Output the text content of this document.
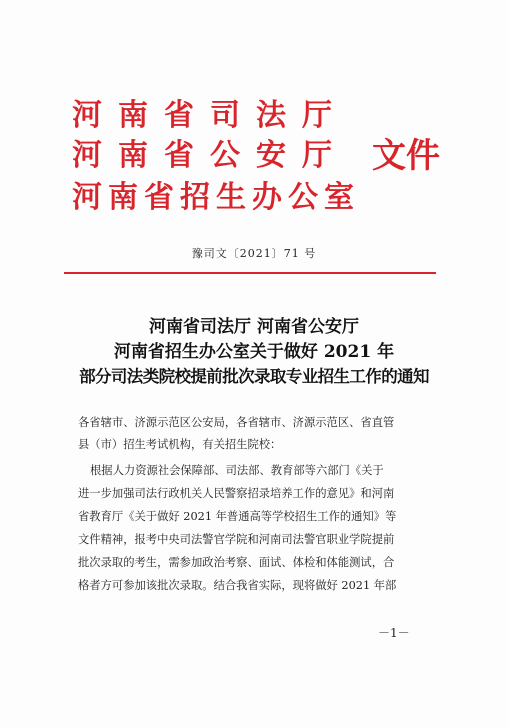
河南省司法厅
河南省公安厅
河南省招生办公室
文件
豫司文〔2021〕71 号
河南省司法厅 河南省公安厅
河南省招生办公室关于做好 2021 年
部分司法类院校提前批次录取专业招生工作的通知
各省辖市、济源示范区公安局，各省辖市、济源示范区、省直管
县（市）招生考试机构，有关招生院校：
根据人力资源社会保障部、司法部、教育部等六部门《关于
进一步加强司法行政机关人民警察招录培养工作的意见》和河南
省教育厅《关于做好 2021 年普通高等学校招生工作的通知》等
文件精神，报考中央司法警官学院和河南司法警官职业学院提前
批次录取的考生，需参加政治考察、面试、体检和体能测试，合
格者方可参加该批次录取。结合我省实际，现将做好 2021 年部
－1－
